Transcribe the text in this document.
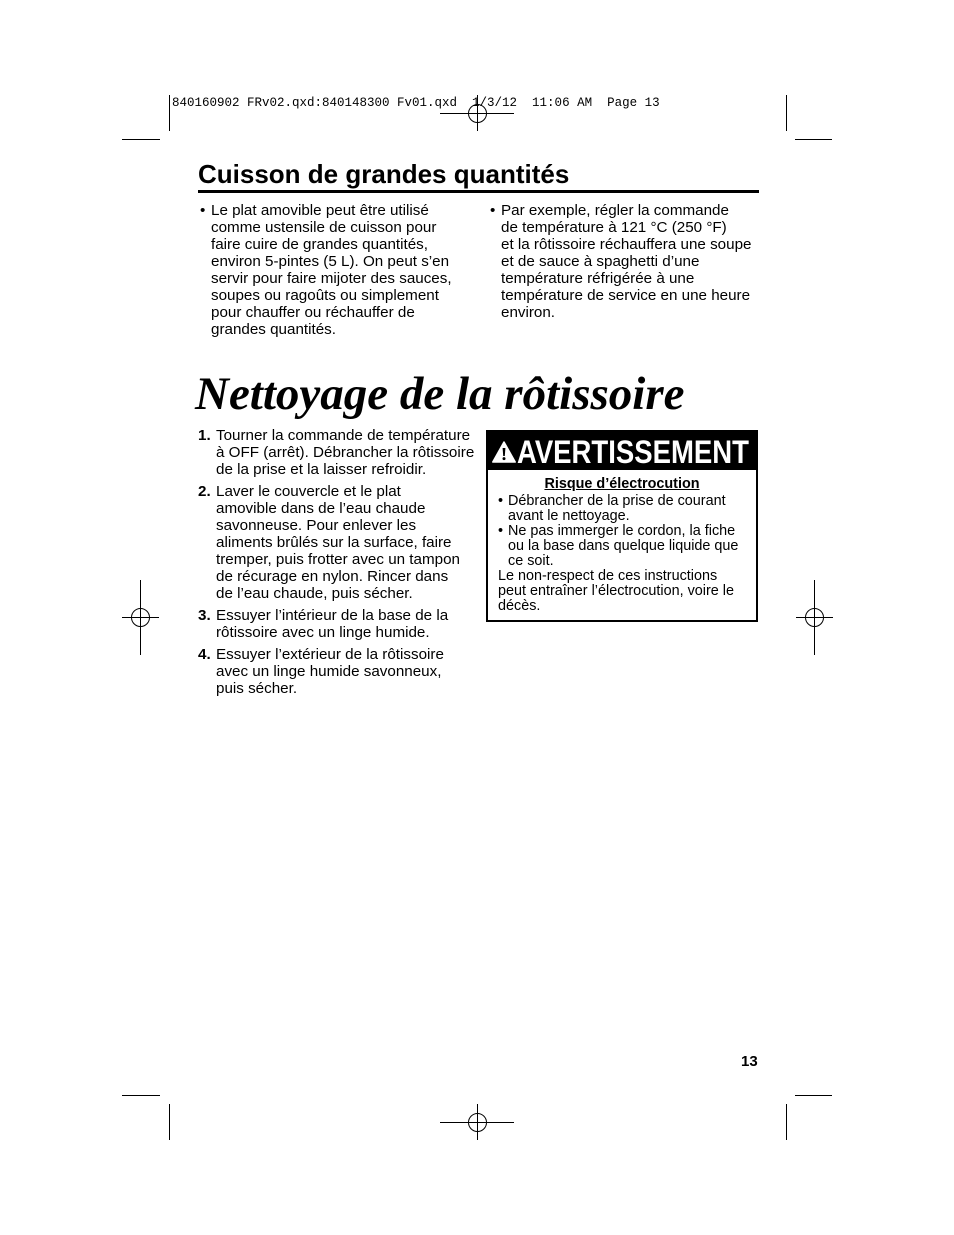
840160902 FRv02.qxd:840148300 Fv01.qxd  1/3/12  11:06 AM  Page 13
Cuisson de grandes quantités
• Le plat amovible peut être utilisé
comme ustensile de cuisson pour
faire cuire de grandes quantités,
environ 5-pintes (5 L). On peut s’en
servir pour faire mijoter des sauces,
soupes ou ragoûts ou simplement
pour chauffer ou réchauffer de
grandes quantités.
• Par exemple, régler la commande
de température à 121 °C (250 °F)
et la rôtissoire réchauffera une soupe
et de sauce à spaghetti d’une
température réfrigérée à une
température de service en une heure
environ.
Nettoyage de la rôtissoire
1. Tourner la commande de température
à OFF (arrêt). Débrancher la rôtissoire
de la prise et la laisser refroidir.
2. Laver le couvercle et le plat
amovible dans de l’eau chaude
savonneuse. Pour enlever les
aliments brûlés sur la surface, faire
tremper, puis frotter avec un tampon
de récurage en nylon. Rincer dans
de l’eau chaude, puis sécher.
3. Essuyer l’intérieur de la base de la
rôtissoire avec un linge humide.
4. Essuyer l’extérieur de la rôtissoire
avec un linge humide savonneux,
puis sécher.
AVERTISSEMENT
Risque d’électrocution
• Débrancher de la prise de courant
avant le nettoyage.
• Ne pas immerger le cordon, la fiche
ou la base dans quelque liquide que
ce soit.
Le non-respect de ces instructions
peut entraîner l’électrocution, voire le
décès.
13
